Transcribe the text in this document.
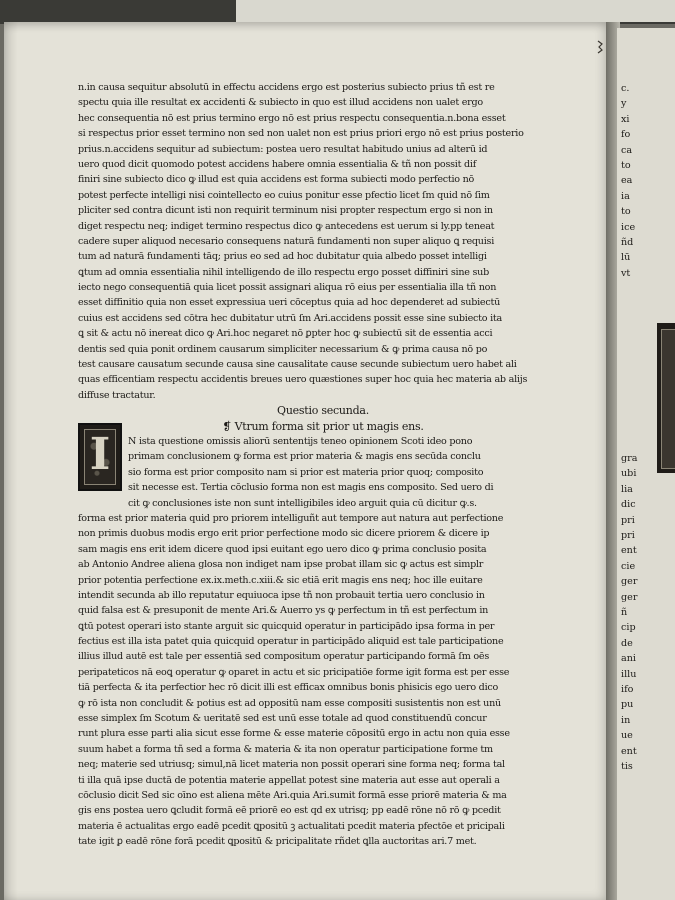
c.
y
xi
fo
ca
to
ea
ia
to
ice
ñd
lū
vt
gra
ubi
lia
dic
pri
pri
ent
cie
ger
ger
ñ
cip
de
ani
illu
ifo
pu
in
ue
ent
tis
n.in causa sequitur absolutū in effectu accidens ergo est posterius subiecto prius tñ est re
spectu quia ille resultat ex accidenti & subiecto in quo est illud accidens non ualet ergo
hec consequentia nō est prius termino ergo nō est prius respectu consequentia.n.bona esset
si respectus prior esset termino non sed non ualet non est prius priori ergo nō est prius posterio
prius.n.accidens sequitur ad subiectum: postea uero resultat habitudo unius ad alterū id
uero quod dicit quomodo potest accidens habere omnia essentialia & tñ non possit dif
finiri sine subiecto dico ꝙ illud est quia accidens est forma subiecti modo perfectio nō
potest perfecte intelligi nisi cointellecto eo cuius ponitur esse pfectio licet ſm quid nō ſim
pliciter sed contra dicunt isti non requirit terminum nisi propter respectum ergo si non in
diget respectu neq; indiget termino respectus dico ꝙ antecedens est uerum si ly.pp teneat
cadere super aliquod necesario consequens naturā fundamenti non super aliquo ꝗ requisi
tum ad naturā fundamenti tāq; prius eo sed ad hoc dubitatur quia albedo posset intelligi
ꝗtum ad omnia essentialia nihil intelligendo de illo respectu ergo posset diffiniri sine sub
iecto nego consequentiā quia licet possit assignari aliqua rō eius per essentialia illa tñ non
esset diffinitio quia non esset expressiua ueri cōceptus quia ad hoc dependeret ad subiectū
cuius est accidens sed cōtra hec dubitatur utrū ſm Ari.accidens possit esse sine subiecto ita
ꝗ sit & actu nō inereat dico ꝙ Ari.hoc negaret nō ꝑpter hoc ꝙ subiectū sit de essentia acci
dentis sed quia ponit ordinem causarum simpliciter necessarium & ꝙ prima causa nō po
test causare causatum secunde causa sine causalitate cause secunde subiectum uero habet ali
quas efficentiam respectu accidentis breues uero quæstiones super hoc quia hec materia ab alijs
diffuse tractatur.
Questio secunda.
❡ Vtrum forma sit prior ut magis ens.
N ista questione omissis aliorū sententijs teneo opinionem Scoti ideo pono
primam conclusionem ꝙ forma est prior materia & magis ens secūda conclu
sio forma est prior composito nam si prior est materia prior quoq; composito
sit necesse est. Tertia cōclusio forma non est magis ens composito. Sed uero di
cit ꝙ conclusiones iste non sunt intelligibiles ideo arguit quia cū dicitur ꝙ.s.
forma est prior materia quid pro priorem intelliguñt aut tempore aut natura aut perfectione
non primis duobus modis ergo erit prior perfectione modo sic dicere priorem & dicere ip
sam magis ens erit idem dicere quod ipsi euitant ego uero dico ꝙ prima conclusio posita
ab Antonio Andree aliena glosa non indiget nam ipse probat illam sic ꝙ actus est simplr
prior potentia perfectione ex.ix.meth.c.xiii.& sic etiā erit magis ens neq; hoc ille euitare
intendit secunda ab illo reputatur equiuoca ipse tñ non probauit tertia uero conclusio in
quid falsa est & presuponit de mente Ari.& Auerro ys ꝙ perfectum in tñ est perfectum in
ꝗtū potest operari isto stante arguit sic quicquid operatur in participādo ipsa forma in per
fectius est illa ista patet quia quicquid operatur in participādo aliquid est tale participatione
illius illud autē est tale per essentiā sed compositum operatur participando formā ſm oēs
peripateticos nā eoꝗ operatur ꝙ oparet in actu et sic pricipatiōe forme igit forma est per esse
tiā perfecta & ita perfectior hec rō dicit illi est efficax omnibus bonis phisicis ego uero dico
ꝙ rō ista non concludit & potius est ad oppositū nam esse compositi susistentis non est unū
esse simplex ſm Scotum & ueritatē sed est unū esse totale ad quod constituendū concur
runt plura esse parti alia sicut esse forme & esse materie cōpositū ergo in actu non quia esse
suum habet a forma tñ sed a forma & materia & ita non operatur participatione forme tm
neq; materie sed utriusq; simul,nā licet materia non possit operari sine forma neq; forma tal
ti illa quā ipse ductā de potentia materie appellat potest sine materia aut esse aut operali a
cōclusio dicit Sed sic oīno est aliena mēte Ari.quia Ari.sumit formā esse priorē materia & ma
gis ens postea uero ꝗcludit formā eē priorē eo est qd ex utrisq; pp eadē rōne nō rō ꝙ pcedit
materia ē actualitas ergo eadē pcedit ꝗpositū ꝫ actualitati pcedit materia pfectōe et pricipali
tate igit ꝑ eadē rōne forā pcedit ꝗpositū & pricipalitate rñdet ꝗlla auctoritas ari.7 met.
I
